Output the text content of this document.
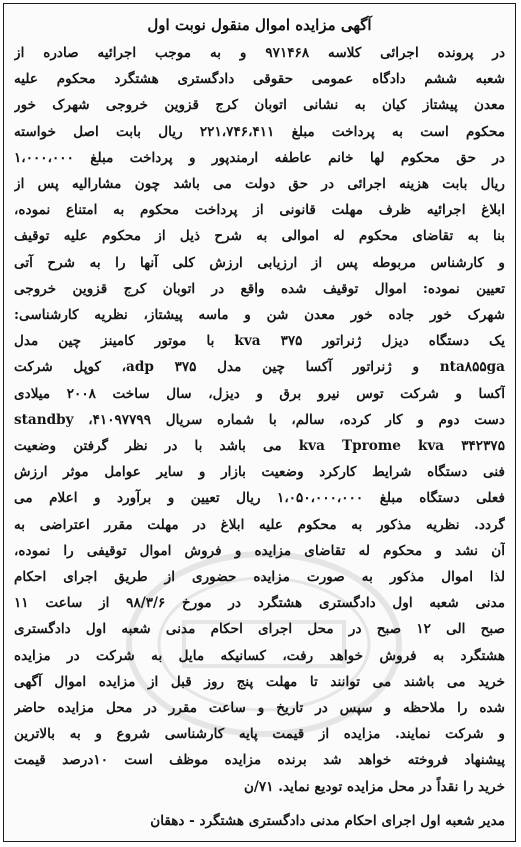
آگهی مزایده اموال منقول نوبت اول
در پرونده اجرائی کلاسه ۹۷۱۴۶۸ و به موجب اجرائیه صادره از
شعبه ششم دادگاه عمومی حقوقی دادگستری هشتگرد محکوم علیه
معدن پیشتاز کیان به نشانی اتوبان کرج قزوین خروجی شهرک خور
محکوم است به پرداخت مبلغ ۲۲۱،۷۴۶،۴۱۱ ریال بابت اصل خواسته
در حق محکوم لها خانم عاطفه ارمندپور و پرداخت مبلغ ۱،۰۰۰،۰۰۰
ریال بابت هزینه اجرائی در حق دولت می باشد چون مشارالیه پس از
ابلاغ اجرائیه ظرف مهلت قانونی از پرداخت محکوم به امتناع نموده،
بنا به تقاضای محکوم له اموالی به شرح ذیل از محکوم علیه توقیف
و کارشناس مربوطه پس از ارزیابی ارزش کلی آنها را به شرح آتی
تعیین نموده: اموال توقیف شده واقع در اتوبان کرج قزوین خروجی
شهرک خور جاده خور معدن شن و ماسه پیشتاز، نظریه کارشناسی:
یک دستگاه دیزل ژنراتور ۳۷۵ kva با موتور کامینز چین مدل
nta۸۵۵ga و ژنراتور آکسا چین مدل ۳۷۵ adp، کوپل شرکت
آکسا و شرکت توس نیرو برق و دیزل، سال ساخت ۲۰۰۸ میلادی
دست دوم و کار کرده، سالم، با شماره سریال standby ،۴۱۰۹۷۷۹۹
۳۴۲۳۷۵ kva Tprome kva می باشد با در نظر گرفتن وضعیت
فنی دستگاه شرایط کارکرد وضعیت بازار و سایر عوامل موثر ارزش
فعلی دستگاه مبلغ ۱،۰۵۰،۰۰۰،۰۰۰ ریال تعیین و برآورد و اعلام می
گردد. نظریه مذکور به محکوم علیه ابلاغ در مهلت مقرر اعتراضی به
آن نشد و محکوم له تقاضای مزایده و فروش اموال توقیفی را نموده،
لذا اموال مذکور به صورت مزایده حضوری از طریق اجرای احکام
مدنی شعبه اول دادگستری هشتگرد در مورخ ۹۸/۳/۶ از ساعت ۱۱
صبح الی ۱۲ صبح در محل اجرای احکام مدنی شعبه اول دادگستری
هشتگرد به فروش خواهد رفت، کسانیکه مایل به شرکت در مزایده
خرید می باشند می توانند تا مهلت پنج روز قبل از مزایده اموال آگهی
شده را ملاحظه و سپس در تاریخ و ساعت مقرر در محل مزایده حاضر
و شرکت نمایند. مزایده از قیمت پایه کارشناسی شروع و به بالاترین
پیشنهاد فروخته خواهد شد برنده مزایده موظف است ۱۰درصد قیمت
خرید را نقداً در محل مزایده تودیع نماید. ۷۱/ن
مدیر شعبه اول اجرای احکام مدنی دادگستری هشتگرد - دهقان
